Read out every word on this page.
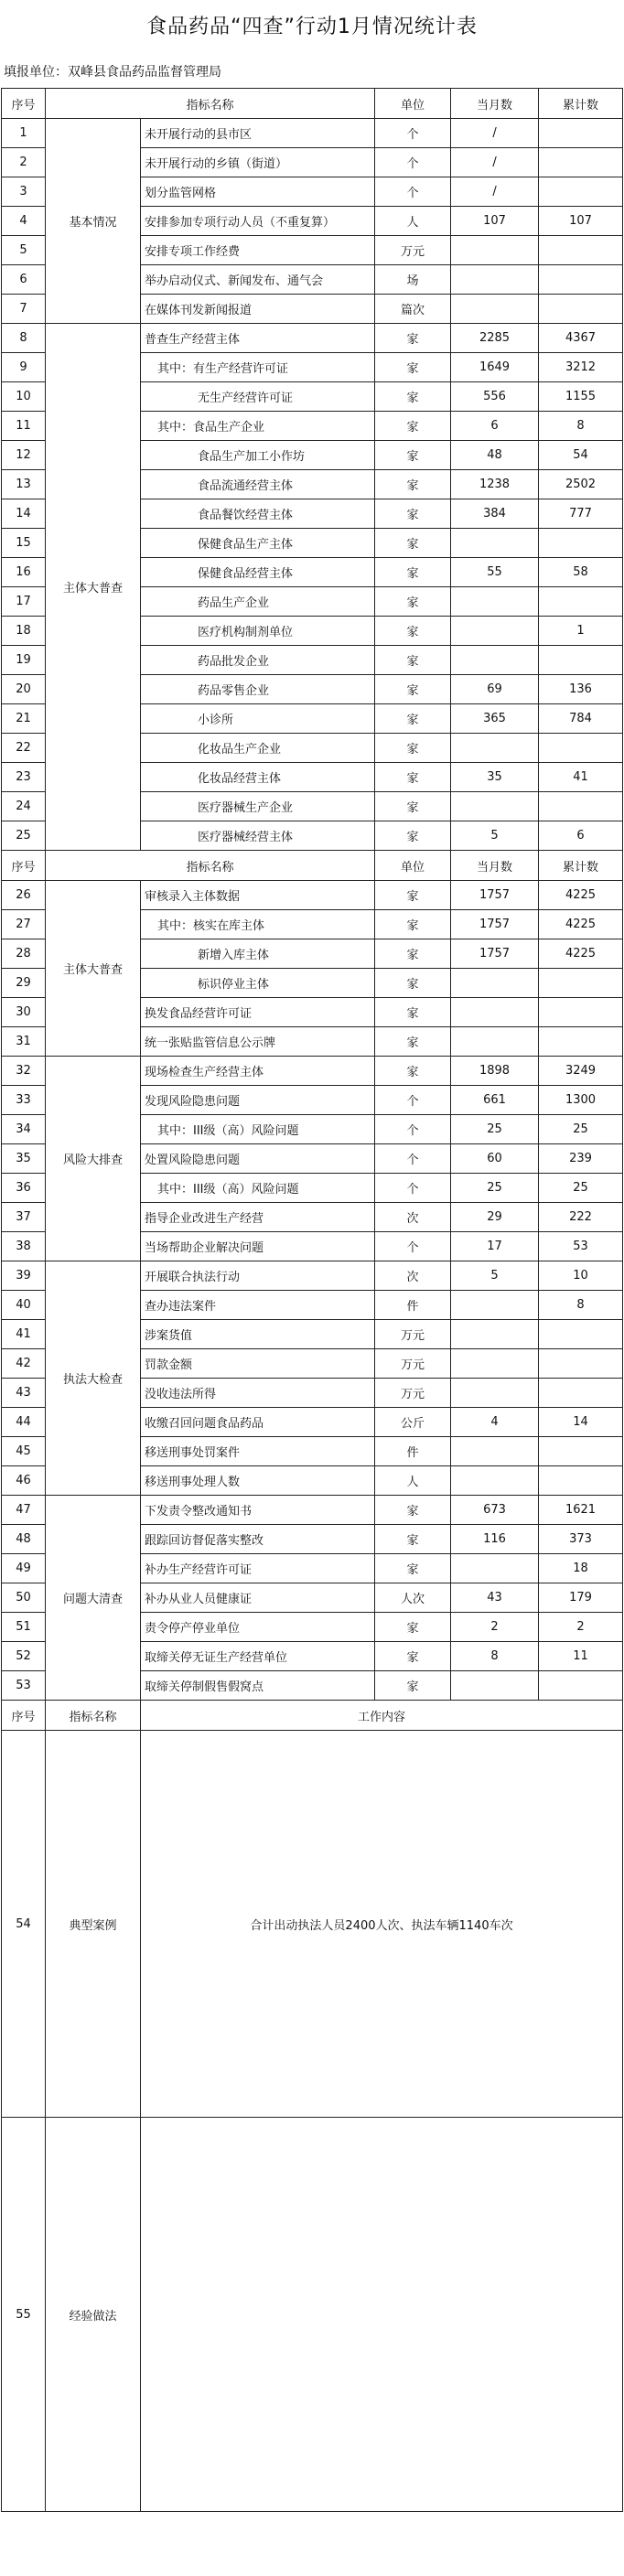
食品药品“四查”行动1月情况统计表
填报单位：双峰县食品药品监督管理局
序号	指标名称		单位	当月数	累计数
1	基本情况	未开展行动的县市区	个	/	
2		未开展行动的乡镇（街道）	个	/	
3		划分监管网格	个	/	
4		安排参加专项行动人员（不重复算）	人	107	107
5		安排专项工作经费	万元		
6		举办启动仪式、新闻发布、通气会	场		
7		在媒体刊发新闻报道	篇次		
8	主体大普查	普查生产经营主体	家	2285	4367
9		其中：有生产经营许可证	家	1649	3212
10		无生产经营许可证	家	556	1155
11		其中：食品生产企业	家	6	8
12		食品生产加工小作坊	家	48	54
13		食品流通经营主体	家	1238	2502
14		食品餐饮经营主体	家	384	777
15		保健食品生产主体	家		
16		保健食品经营主体	家	55	58
17		药品生产企业	家		
18		医疗机构制剂单位	家		1
19		药品批发企业	家		
20		药品零售企业	家	69	136
21		小诊所	家	365	784
22		化妆品生产企业	家		
23		化妆品经营主体	家	35	41
24		医疗器械生产企业	家		
25		医疗器械经营主体	家	5	6
序号	指标名称		单位	当月数	累计数
26	主体大普查	审核录入主体数据	家	1757	4225
27		其中：核实在库主体	家	1757	4225
28		新增入库主体	家	1757	4225
29		标识停业主体	家		
30		换发食品经营许可证	家		
31		统一张贴监管信息公示牌	家		
32	风险大排查	现场检查生产经营主体	家	1898	3249
33		发现风险隐患问题	个	661	1300
34		其中：III级（高）风险问题	个	25	25
35		处置风险隐患问题	个	60	239
36		其中：III级（高）风险问题	个	25	25
37		指导企业改进生产经营	次	29	222
38		当场帮助企业解决问题	个	17	53
39	执法大检查	开展联合执法行动	次	5	10
40		查办违法案件	件		8
41		涉案货值	万元		
42		罚款金额	万元		
43		没收违法所得	万元		
44		收缴召回问题食品药品	公斤	4	14
45		移送刑事处罚案件	件		
46		移送刑事处理人数	人		
47	问题大清查	下发责令整改通知书	家	673	1621
48		跟踪回访督促落实整改	家	116	373
49		补办生产经营许可证	家		18
50		补办从业人员健康证	人次	43	179
51		责令停产停业单位	家	2	2
52		取缔关停无证生产经营单位	家	8	11
53		取缔关停制假售假窝点	家		
序号	指标名称	工作内容			
54	典型案例	合计出动执法人员2400人次、执法车辆1140车次			
55	经验做法				
